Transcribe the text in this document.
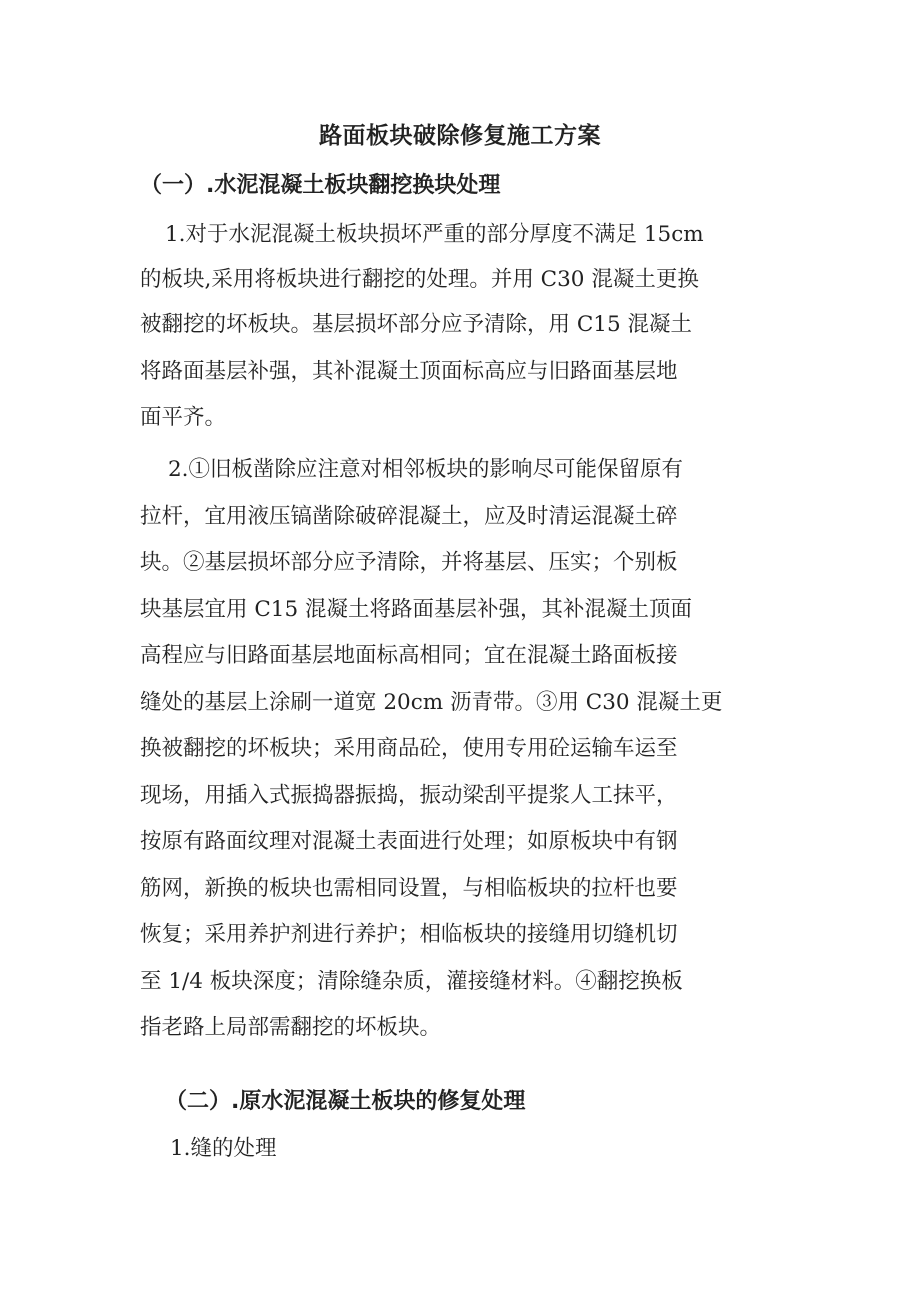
路面板块破除修复施工方案
（一）.水泥混凝土板块翻挖换块处理
1.对于水泥混凝土板块损坏严重的部分厚度不满足 15cm
的板块,采用将板块进行翻挖的处理。并用 C30 混凝土更换
被翻挖的坏板块。基层损坏部分应予清除，用 C15 混凝土
将路面基层补强，其补混凝土顶面标高应与旧路面基层地
面平齐。
2.①旧板凿除应注意对相邻板块的影响尽可能保留原有
拉杆，宜用液压镐凿除破碎混凝土，应及时清运混凝土碎
块。②基层损坏部分应予清除，并将基层、压实；个别板
块基层宜用 C15 混凝土将路面基层补强，其补混凝土顶面
高程应与旧路面基层地面标高相同；宜在混凝土路面板接
缝处的基层上涂刷一道宽 20cm 沥青带。③用 C30 混凝土更
换被翻挖的坏板块；采用商品砼，使用专用砼运输车运至
现场，用插入式振捣器振捣，振动梁刮平提浆人工抹平，
按原有路面纹理对混凝土表面进行处理；如原板块中有钢
筋网，新换的板块也需相同设置，与相临板块的拉杆也要
恢复；采用养护剂进行养护；相临板块的接缝用切缝机切
至 1/4 板块深度；清除缝杂质，灌接缝材料。④翻挖换板
指老路上局部需翻挖的坏板块。
（二）.原水泥混凝土板块的修复处理
1.缝的处理
